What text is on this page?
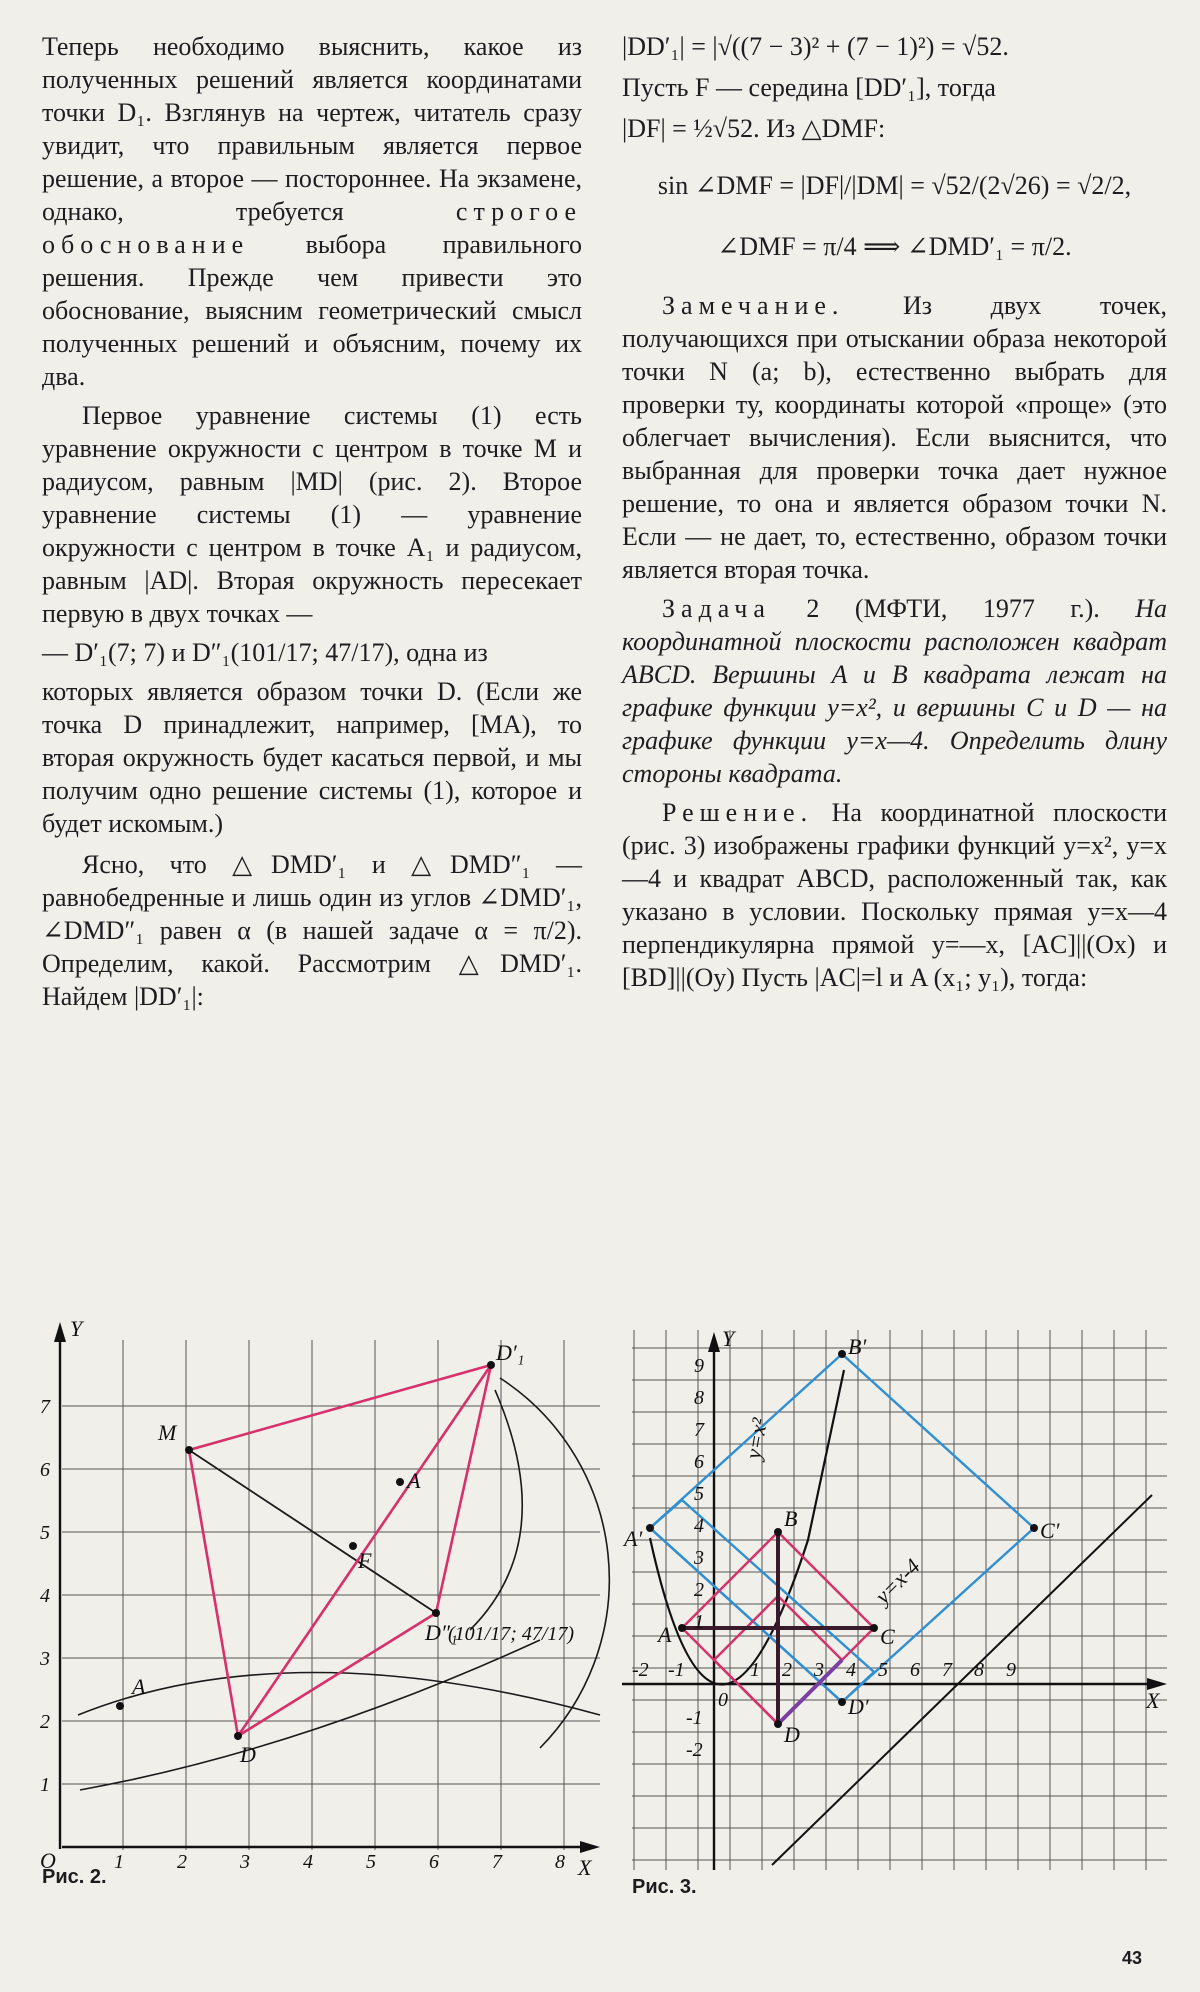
Теперь необходимо выяснить, какое из полученных решений является координатами точки D₁. Взглянув на чертеж, читатель сразу увидит, что правильным является первое решение, а второе — постороннее. На экзамене, однако, требуется	строгое обоснование выбора правильного решения. Прежде чем привести это обоснование, выясним геометрический смысл полученных решений и объясним, почему их два.

Первое уравнение системы (1) есть уравнение окружности с центром в точке M и радиусом, равным |MD| (рис. 2). Второе уравнение системы (1) — уравнение окружности с центром в точке A₁ и радиусом, равным |AD|. Вторая окружность пересекает первую в двух точках —

— D′₁(7; 7) и D″₁(101/17; 47/17), одна из

которых является образом точки D. (Если же точка D принадлежит, например, [MA), то вторая окружность будет касаться первой, и мы получим одно решение системы (1), которое и будет искомым.)

Ясно, что △DMD′₁ и △DMD″₁ — равнобедренные и лишь один из углов ∠DMD′₁, ∠DMD″₁ равен α (в нашей задаче α = π/2). Определим, какой. Рассмотрим △DMD′₁. Найдем |DD′₁|:

|DD′₁| = |√((7 − 3)² + (7 − 1)²) = √52.

Пусть F — середина [DD′₁], тогда

|DF| = ½√52. Из △DMF:

sin ∠DMF = |DF|/|DM| = √52/(2√26) = √2/2,

∠DMF = π/4 ⟹ ∠DMD′₁ = π/2.

Замечание. Из двух точек, получающихся при отыскании образа некоторой точки N (a; b), естественно выбрать для проверки ту, координаты которой «проще» (это облегчает вычисления). Если выяснится, что выбранная для проверки точка дает нужное решение, то она и является образом точки N. Если — не дает, то, естественно, образом точки является вторая точка.

Задача 2 (МФТИ, 1977 г.). На координатной плоскости расположен квадрат ABCD. Вершины A и B квадрата лежат на графике функции y=x², и вершины C и D — на графике функции y=x—4. Определить длину стороны квадрата.

Решение. На координатной плоскости (рис. 3) изображены графики функций y=x², y=x—4 и квадрат ABCD, расположенный так, как указано в условии. Поскольку прямая y=x—4 перпендикулярна прямой y=—x, [AC]||(Ox) и [BD]||(Oy) Пусть |AC|=l и A (x₁; y₁), тогда:

M
D′₁
A
F
A
D
D″₁
(101/17; 47/17)
Y
X
O	1	2	3	4	5	6	7	8
1
2
3
4
5
6
7
Рис. 2.
A
B
C
D
A′
B′
C′
D′
y=x²
y=x-4
Y
X
-2 -1
0
1 2 3 4 5 6 7 8 9
9
8
7
6
5
4
3
2
1
-1
-2
Рис. 3.
43
